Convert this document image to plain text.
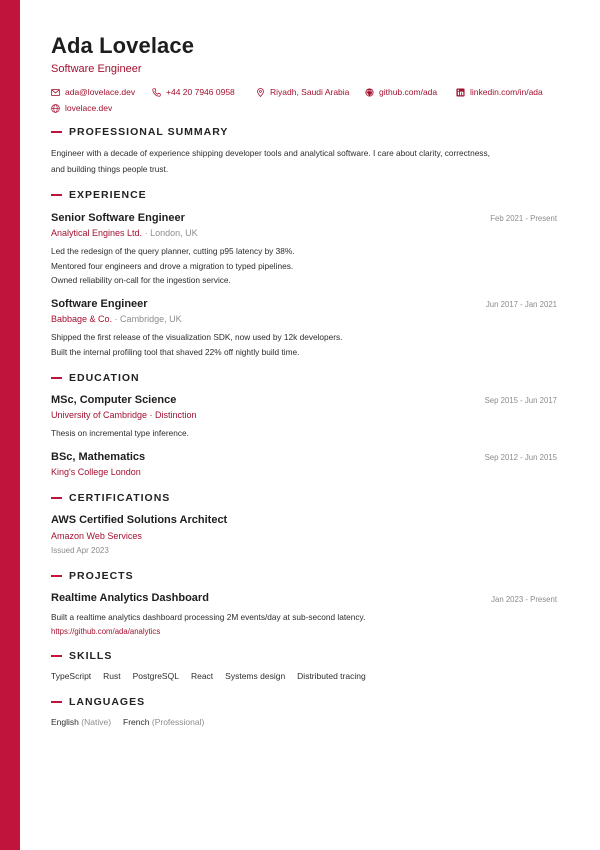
Ada Lovelace
Software Engineer
ada@lovelace.dev	+44 20 7946 0958	Riyadh, Saudi Arabia	github.com/ada	linkedin.com/in/ada
lovelace.dev
PROFESSIONAL SUMMARY
Engineer with a decade of experience shipping developer tools and analytical software. I care about clarity, correctness,
and building things people trust.
EXPERIENCE
Senior Software Engineer	Feb 2021 - Present
Analytical Engines Ltd. · London, UK
Led the redesign of the query planner, cutting p95 latency by 38%.
Mentored four engineers and drove a migration to typed pipelines.
Owned reliability on-call for the ingestion service.
Software Engineer	Jun 2017 - Jan 2021
Babbage & Co. · Cambridge, UK
Shipped the first release of the visualization SDK, now used by 12k developers.
Built the internal profiling tool that shaved 22% off nightly build time.
EDUCATION
MSc, Computer Science	Sep 2015 - Jun 2017
University of Cambridge · Distinction
Thesis on incremental type inference.
BSc, Mathematics	Sep 2012 - Jun 2015
King's College London
CERTIFICATIONS
AWS Certified Solutions Architect
Amazon Web Services
Issued Apr 2023
PROJECTS
Realtime Analytics Dashboard	Jan 2023 - Present
Built a realtime analytics dashboard processing 2M events/day at sub-second latency.
https://github.com/ada/analytics
SKILLS
TypeScript Rust PostgreSQL React Systems design Distributed tracing
LANGUAGES
English (Native) French (Professional)
